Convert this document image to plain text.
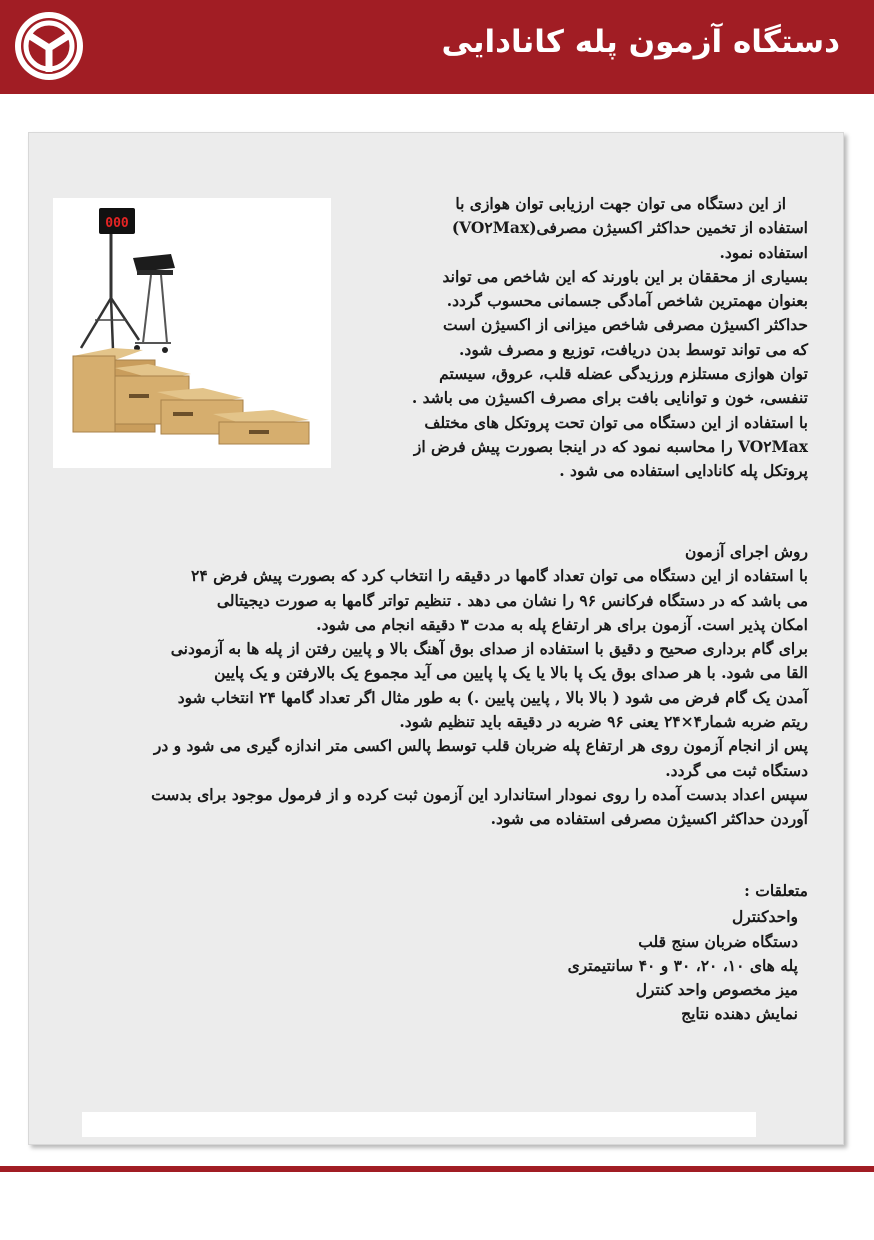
دستگاه آزمون پله کانادایی
000

از این دستگاه می توان جهت ارزیابی توان هوازی با

استفاده از تخمین حداکثر اکسیژن مصرفی(VO۲Max)

استفاده نمود.

بسیاری از محققان بر این باورند که این شاخص می تواند

بعنوان مهمترین شاخص آمادگی جسمانی محسوب گردد.

حداکثر اکسیژن مصرفی شاخص میزانی از اکسیژن است

که می تواند توسط بدن دریافت، توزیع و مصرف شود.

توان هوازی مستلزم ورزیدگی عضله قلب، عروق، سیستم

تنفسی، خون و توانایی بافت برای مصرف اکسیژن می باشد .

با استفاده از این دستگاه می توان تحت پروتکل های مختلف

VO۲Max را محاسبه نمود که در اینجا بصورت پیش فرض از

پروتکل پله کانادایی استفاده می شود .

روش اجرای آزمون

با استفاده از این دستگاه می توان تعداد گامها در دقیقه را انتخاب کرد که بصورت پیش فرض ۲۴

می باشد که در دستگاه فرکانس ۹۶ را نشان می دهد . تنظیم تواتر گامها به صورت دیجیتالی

امکان پذیر است. آزمون برای هر ارتفاع پله به مدت ۳ دقیقه انجام می شود.

برای گام برداری صحیح و دقیق با استفاده از صدای بوق آهنگ بالا و پایین رفتن از پله ها به آزمودنی

القا می شود. با هر صدای بوق یک پا بالا یا یک پا پایین می آید مجموع یک بالارفتن و یک پایین

آمدن یک گام فرض می شود ( بالا بالا , پایین پایین .) به طور مثال اگر تعداد گامها ۲۴ انتخاب شود

ریتم ضربه شمار۴×۲۴ یعنی ۹۶ ضربه در دقیقه باید تنظیم شود.

پس از انجام آزمون روی هر ارتفاع پله ضربان قلب توسط پالس اکسی متر اندازه گیری می شود و در

دستگاه ثبت می گردد.

سپس اعداد بدست آمده را روی نمودار استاندارد این آزمون ثبت کرده و از فرمول موجود برای بدست

آوردن حداکثر اکسیژن مصرفی استفاده می شود.

متعلقات :

واحدکنترل

دستگاه ضربان سنج قلب

پله های ۱۰، ۲۰، ۳۰ و ۴۰ سانتیمتری

میز مخصوص واحد کنترل

نمایش دهنده نتایج
